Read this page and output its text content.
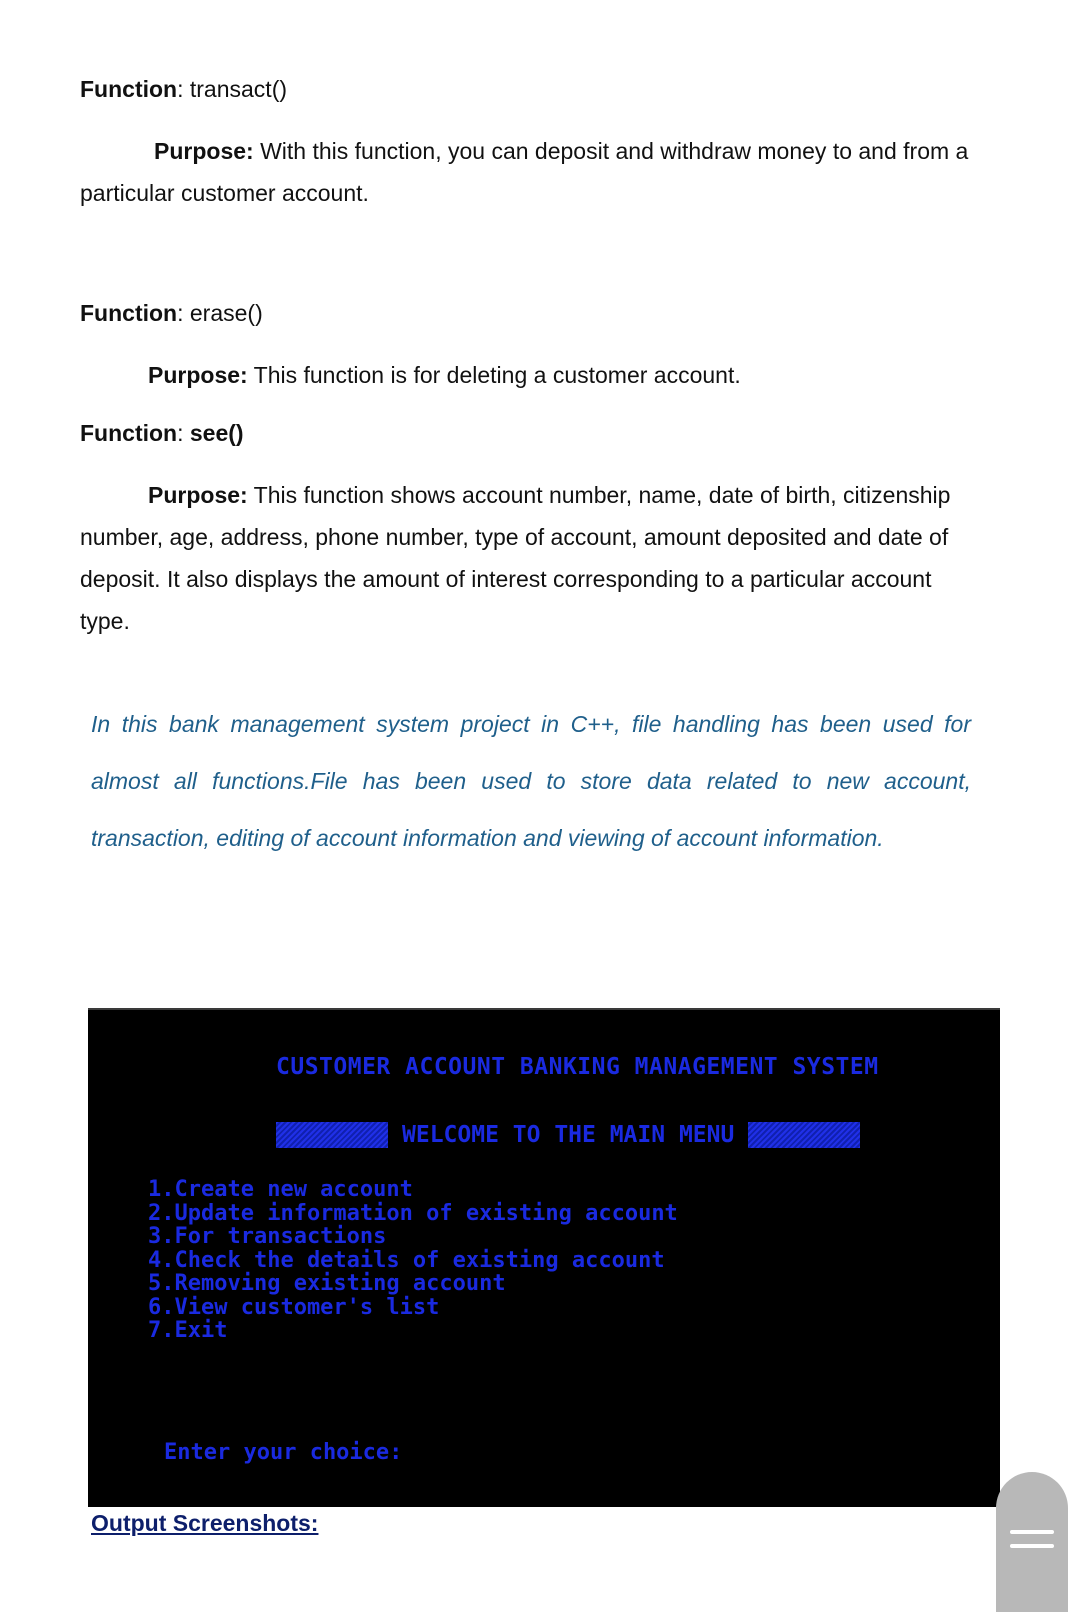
Function: transact()

Purpose: With this function, you can deposit and withdraw money to and from a particular customer account.

Function: erase()

Purpose: This function is for deleting a customer account.

Function: see()

Purpose: This function shows account number, name, date of birth, citizenship number, age, address, phone number, type of account, amount deposited and date of deposit. It also displays the amount of interest corresponding to a particular account type.

In this bank management system project in C++, file handling has been used for almost all functions.File has been used to store data related to new account, transaction, editing of account information and viewing of account information.

CUSTOMER ACCOUNT BANKING MANAGEMENT SYSTEM
WELCOME TO THE MAIN MENU
1.Create new account
2.Update information of existing account
3.For transactions
4.Check the details of existing account
5.Removing existing account
6.View customer's list
7.Exit
Enter your choice:

Output Screenshots:
